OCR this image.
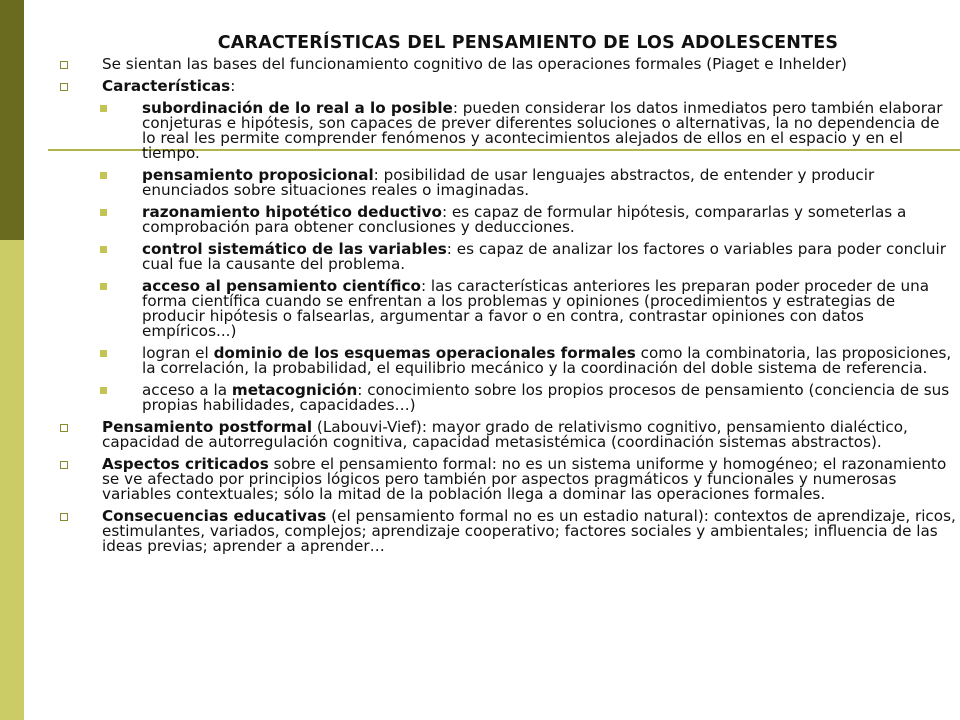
CARACTERÍSTICAS DEL PENSAMIENTO DE LOS ADOLESCENTES
Se sientan las bases del funcionamiento cognitivo de las operaciones formales (Piaget e Inhelder)
Características:
subordinación de lo real a lo posible: pueden considerar los datos inmediatos pero también elaborar conjeturas e hipótesis, son capaces de prever diferentes soluciones o alternativas, la no dependencia de lo real les permite comprender fenómenos y acontecimientos alejados de ellos en el espacio y en el tiempo.
pensamiento proposicional: posibilidad de usar lenguajes abstractos, de entender y producir enunciados sobre situaciones reales o imaginadas.
razonamiento hipotético deductivo: es capaz de formular hipótesis, compararlas y someterlas a comprobación para obtener conclusiones y deducciones.
control sistemático de las variables: es capaz de analizar los factores o variables para poder concluir cual fue la causante del problema.
acceso al pensamiento científico: las características anteriores les preparan poder proceder de una forma científica cuando se enfrentan a los problemas y opiniones (procedimientos y estrategias de producir hipótesis o falsearlas, argumentar a favor o en contra, contrastar opiniones con datos empíricos...)
logran el dominio de los esquemas operacionales formales como la combinatoria, las proposiciones, la correlación, la probabilidad, el equilibrio mecánico y la coordinación del doble sistema de referencia.
acceso a la metacognición: conocimiento sobre los propios procesos de pensamiento (conciencia de sus propias habilidades, capacidades…)
Pensamiento postformal (Labouvi-Vief): mayor grado de relativismo cognitivo, pensamiento dialéctico, capacidad de autorregulación cognitiva, capacidad metasistémica (coordinación sistemas abstractos).
Aspectos criticados sobre el pensamiento formal: no es un sistema uniforme y homogéneo; el razonamiento se ve afectado por principios lógicos pero también por aspectos pragmáticos y funcionales y numerosas variables contextuales; sólo la mitad de la población llega a dominar las operaciones formales.
Consecuencias educativas (el pensamiento formal no es un estadio natural): contextos de aprendizaje, ricos, estimulantes, variados, complejos; aprendizaje cooperativo; factores sociales y ambientales; influencia de las ideas previas; aprender a aprender…
